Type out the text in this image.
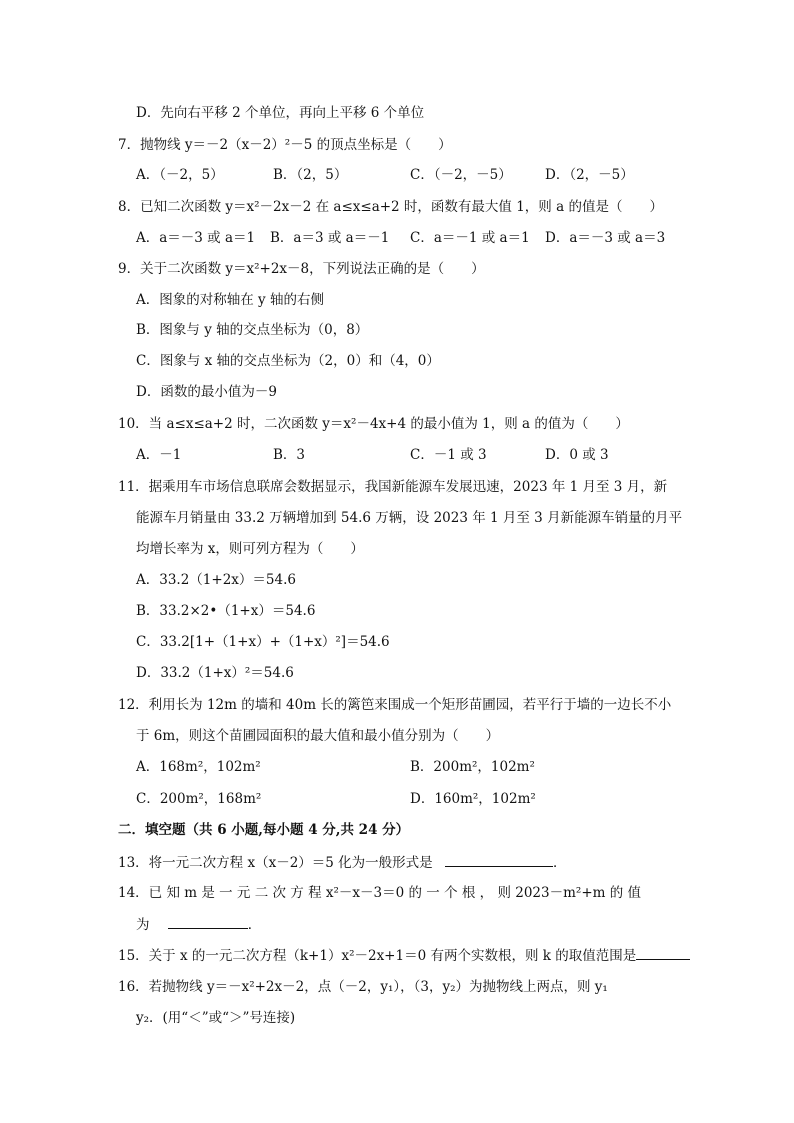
D．先向右平移 2 个单位，再向上平移 6 个单位
7．抛物线 y＝－2（x－2）²－5 的顶点坐标是（　　）
A．（－2，5）	B．（2，5）	C．（－2，－5） D．（2，－5）
8．已知二次函数 y＝x²－2x－2 在 a≤x≤a+2 时，函数有最大值 1，则 a 的值是（　　）
A．a＝－3 或 a＝1 B．a＝3 或 a＝－1 C．a＝－1 或 a＝1 D．a＝－3 或 a＝3
9．关于二次函数 y＝x²+2x－8，下列说法正确的是（　　）
A．图象的对称轴在 y 轴的右侧
B．图象与 y 轴的交点坐标为（0，8）
C．图象与 x 轴的交点坐标为（2，0）和（4，0）
D．函数的最小值为－9
10．当 a≤x≤a+2 时，二次函数 y＝x²－4x+4 的最小值为 1，则 a 的值为（　　）
A．－1	B．3	C．－1 或 3	D．0 或 3
11．据乘用车市场信息联席会数据显示，我国新能源车发展迅速，2023 年 1 月至 3 月，新
能源车月销量由 33.2 万辆增加到 54.6 万辆，设 2023 年 1 月至 3 月新能源车销量的月平
均增长率为 x，则可列方程为（　　）
A．33.2（1+2x）＝54.6
B．33.2×2•（1+x）＝54.6
C．33.2[1+（1+x）+（1+x）²]＝54.6
D．33.2（1+x）²＝54.6
12．利用长为 12m 的墙和 40m 长的篱笆来围成一个矩形苗圃园，若平行于墙的一边长不小
于 6m，则这个苗圃园面积的最大值和最小值分别为（　　）
A．168m²，102m²	B．200m²，102m²
C．200m²，168m²	D．160m²，102m²
二．填空题（共 6 小题,每小题 4 分,共 24 分）
13．将一元二次方程 x（x－2）＝5 化为一般形式是	．
14．已 知 m 是 一 元 二 次 方 程 x²－x－3＝0 的 一 个 根 ， 则 2023－m²+m 的 值
为	．
15．关于 x 的一元二次方程（k+1）x²－2x+1＝0 有两个实数根，则 k 的取值范围是
16．若抛物线 y＝－x²+2x－2，点（－2，y₁），（3，y₂）为抛物线上两点，则 y₁
y₂．(用“＜”或“＞”号连接)
